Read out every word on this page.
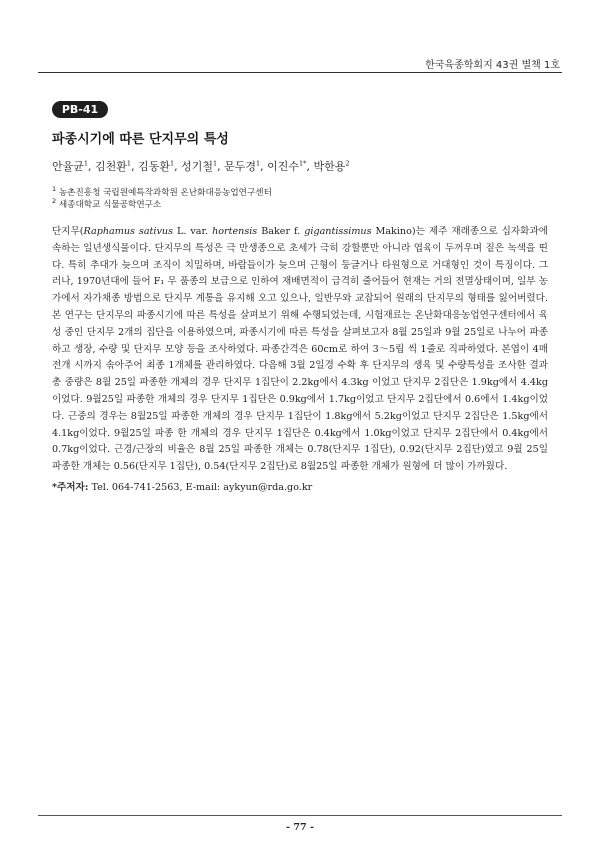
한국육종학회지 43권 별책 1호
PB-41
파종시기에 따른 단지무의 특성
안율균$^1$, 김천환$^1$, 김동환$^1$, 성기철$^1$, 문두경$^1$, 이진수$^{1*}$, 박한용$^2$
$^1$ 농촌진흥청 국립원예특작과학원 온난화대응농업연구센터
$^2$ 세종대학교 식물공학연구소

단지무(Raphamus sativus L. var. hortensis Baker f. gigantissimus Makino)는 제주 재래종으로 십자화과에 속하는 일년생식물이다. 단지무의 특성은 극 만생종으로 초세가 극히 강할뿐만 아니라 엽육이 두꺼우며 짙은 녹색을 띤다. 특히 추대가 늦으며 조직이 치밀하며, 바람들이가 늦으며 근형이 둥글거나 타원형으로 거대형인 것이 특징이다. 그러나, 1970년대에 들어 F₁ 무 품종의 보급으로 인하여 재배면적이 급격히 줄어들어 현재는 거의 전멸상태이며, 일부 농가에서 자가채종 방법으로 단지무 계통을 유지해 오고 있으나, 일반무와 교잡되어 원래의 단지무의 형태를 잃어버렸다. 본 연구는 단지무의 파종시기에 따른 특성을 살펴보기 위해 수행되었는데, 시험재료는 온난화대응농업연구센터에서 육성 중인 단지무 2개의 집단을 이용하였으며, 파종시기에 따른 특성을 살펴보고자 8월 25일과 9월 25일로 나누어 파종하고 생장, 수량 및 단지무 모양 등을 조사하였다. 파종간격은 60cm로 하여 3～5립 씩 1줄로 직파하였다. 본엽이 4매 전개 시까지 솎아주어 최종 1개체를 관리하였다. 다음해 3월 2일경 수확 후 단지무의 생육 및 수량특성을 조사한 결과 총 중량은 8월 25일 파종한 개체의 경우 단지무 1집단이 2.2kg에서 4.3kg 이었고 단지무 2집단은 1.9kg에서 4.4kg이었다. 9월25일 파종한 개체의 경우 단지무 1집단은 0.9kg에서 1.7kg이었고 단지무 2집단에서 0.6에서 1.4kg이었다. 근중의 경우는 8월25일 파종한 개체의 경우 단지무 1집단이 1.8kg에서 5.2kg이었고 단지무 2집단은 1.5kg에서 4.1kg이었다. 9월25일 파종 한 개체의 경우 단지무 1집단은 0.4kg에서 1.0kg이었고 단지무 2집단에서 0.4kg에서 0.7kg이었다. 근경/근장의 비율은 8월 25일 파종한 개체는 0.78(단지무 1집단), 0.92(단지무 2집단)였고 9월 25일 파종한 개체는 0.56(단지무 1집단), 0.54(단지무 2집단)로 8월25일 파종한 개체가 원형에 더 많이 가까웠다.

*주저자: Tel. 064-741-2563, E-mail: aykyun@rda.go.kr
- 77 -
